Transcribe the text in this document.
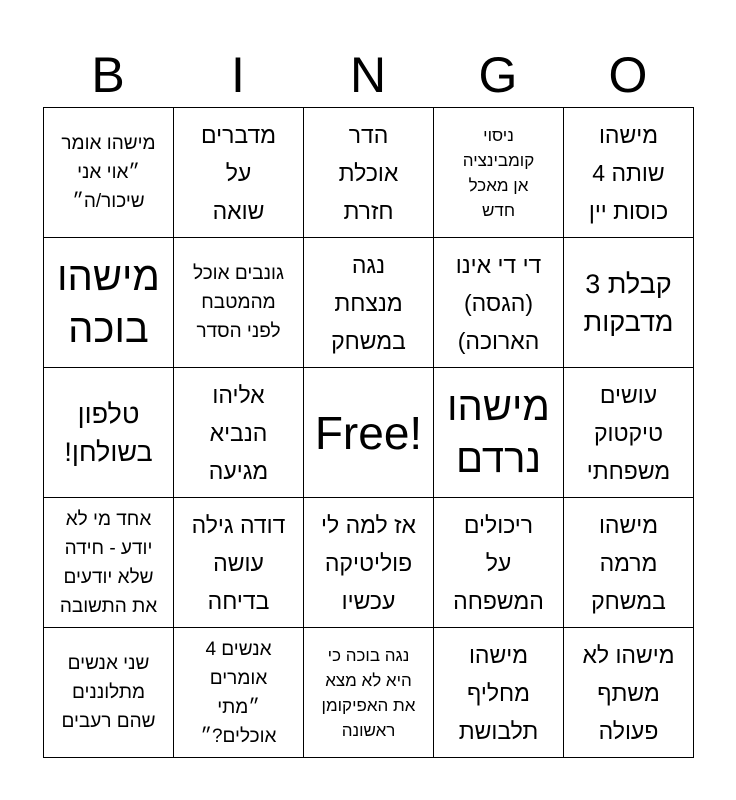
B	I	N	G	O
מישהו אומר
״אוי אני
שיכור/ה״
מדברים
על
שואה
הדר
אוכלת
חזרת
ניסוי
קומבינציה
אן מאכל
חדש
מישהו
שותה 4
כוסות יין
מישהו
בוכה
גונבים אוכל
מהמטבח
לפני הסדר
נגה
מנצחת
במשחק
די די אינו
(הגסה)
הארוכה)
קבלת 3
מדבקות
טלפון
בשולחן!
אליהו
הנביא
מגיעה
Free! מישהו
נרדם
עושים
טיקטוק
משפחתי
אחד מי לא
יודע - חידה
שלא יודעים
את התשובה
דודה גילה
עושה
בדיחה
אז למה לי
פוליטיקה
עכשיו
ריכולים
על
המשפחה
מישהו
מרמה
במשחק
שני אנשים
מתלוננים
שהם רעבים
אנשים 4
אומרים
״מתי
אוכלים?״
נגה בוכה כי
היא לא מצא
את האפיקומן
ראשונה
מישהו
מחליף
תלבושת
מישהו לא
משתף
פעולה
